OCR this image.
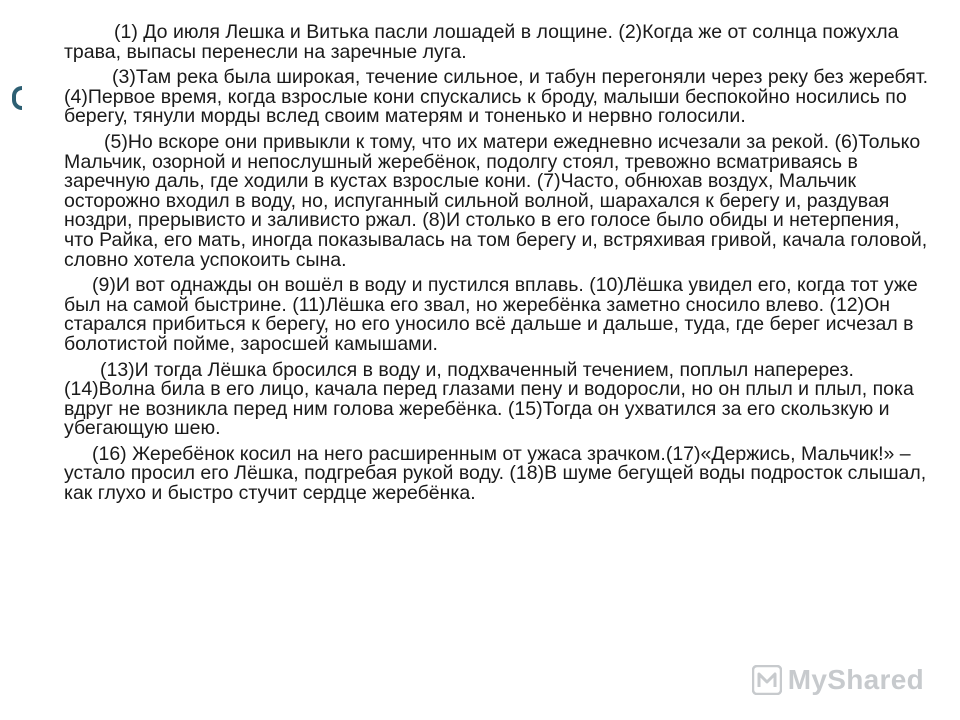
(1) До июля Лешка и Витька пасли лошадей в лощине. (2)Когда же от солнца пожухла трава, выпасы перенесли на заречные луга.

(3)Там река была широкая, течение сильное, и табун перегоняли через реку без жеребят. (4)Первое время, когда взрослые кони спускались к броду, малыши беспокойно носились по берегу, тянули морды вслед своим матерям и тоненько и нервно голосили.

(5)Но вскоре они привыкли к тому, что их матери ежедневно исчезали за рекой. (6)Только Мальчик, озорной и непослушный жеребёнок, подолгу стоял, тревожно всматриваясь в заречную даль, где ходили в кустах взрослые кони. (7)Часто, обнюхав воздух, Мальчик осторожно входил в воду, но, испуганный сильной волной, шарахался к берегу и, раздувая ноздри, прерывисто и заливисто ржал. (8)И столько в его голосе было обиды и нетерпения, что Райка, его мать, иногда показывалась на том берегу и, встряхивая гривой, качала головой, словно хотела успокоить сына.

(9)И вот однажды он вошёл в воду и пустился вплавь. (10)Лёшка увидел его, когда тот уже был на самой быстрине. (11)Лёшка его звал, но жеребёнка заметно сносило влево. (12)Он старался прибиться к берегу, но его уносило всё дальше и дальше, туда, где берег исчезал в болотистой пойме, заросшей камышами.

(13)И тогда Лёшка бросился в воду и, подхваченный течением, поплыл наперерез. (14)Волна била в его лицо, качала перед глазами пену и водоросли, но он плыл и плыл, пока вдруг не возникла перед ним голова жеребёнка. (15)Тогда он ухватился за его скользкую и убегающую шею.

(16) Жеребёнок косил на него расширенным от ужаса зрачком.(17)«Держись, Мальчик!» – устало просил его Лёшка, подгребая рукой воду. (18)В шуме бегущей воды подросток слышал, как глухо и быстро стучит сердце жеребёнка.

MyShared
